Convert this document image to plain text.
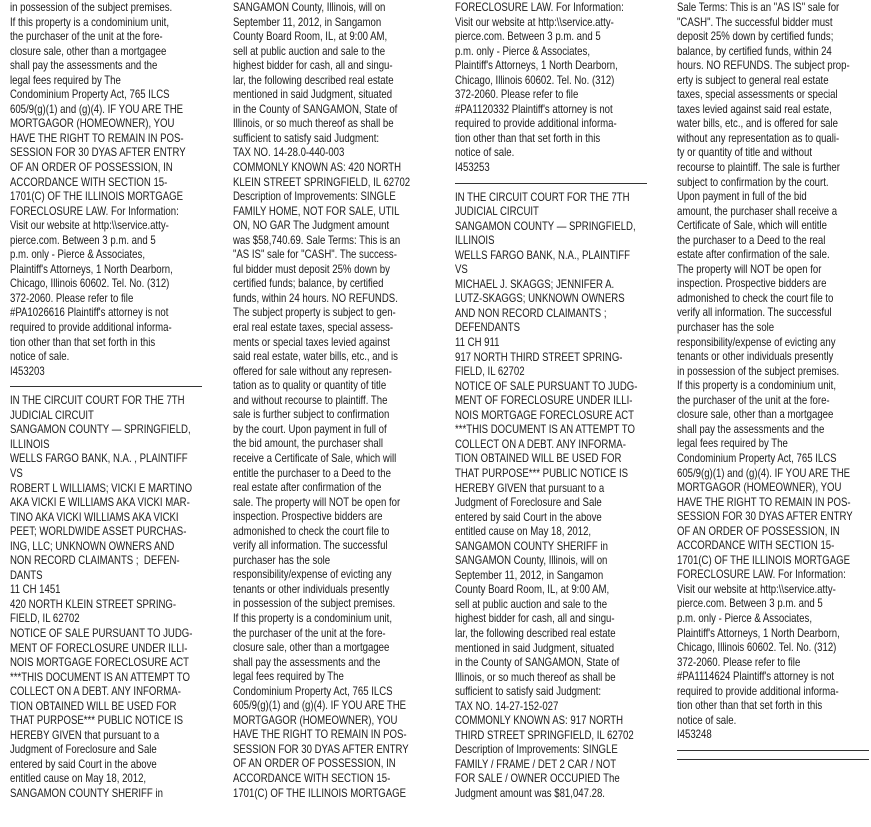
in possession of the subject premises.
If this property is a condominium unit,
the purchaser of the unit at the fore-
closure sale, other than a mortgagee
shall pay the assessments and the
legal fees required by The
Condominium Property Act, 765 ILCS
605/9(g)(1) and (g)(4). IF YOU ARE THE
MORTGAGOR (HOMEOWNER), YOU
HAVE THE RIGHT TO REMAIN IN POS-
SESSION FOR 30 DYAS AFTER ENTRY
OF AN ORDER OF POSSESSION, IN
ACCORDANCE WITH SECTION 15-
1701(C) OF THE ILLINOIS MORTGAGE
FORECLOSURE LAW. For Information:
Visit our website at http:\\service.atty-
pierce.com. Between 3 p.m. and 5
p.m. only - Pierce & Associates,
Plaintiff's Attorneys, 1 North Dearborn,
Chicago, Illinois 60602. Tel. No. (312)
372-2060. Please refer to file
#PA1026616 Plaintiff's attorney is not
required to provide additional informa-
tion other than that set forth in this
notice of sale.
I453203
IN THE CIRCUIT COURT FOR THE 7TH
JUDICIAL CIRCUIT
SANGAMON COUNTY — SPRINGFIELD,
ILLINOIS
WELLS FARGO BANK, N.A. , PLAINTIFF
VS
ROBERT L WILLIAMS; VICKI E MARTINO
AKA VICKI E WILLIAMS AKA VICKI MAR-
TINO AKA VICKI WILLIAMS AKA VICKI
PEET; WORLDWIDE ASSET PURCHAS-
ING, LLC; UNKNOWN OWNERS AND
NON RECORD CLAIMANTS ;  DEFEN-
DANTS
11 CH 1451
420 NORTH KLEIN STREET SPRING-
FIELD, IL 62702
NOTICE OF SALE PURSUANT TO JUDG-
MENT OF FORECLOSURE UNDER ILLI-
NOIS MORTGAGE FORECLOSURE ACT
***THIS DOCUMENT IS AN ATTEMPT TO
COLLECT ON A DEBT. ANY INFORMA-
TION OBTAINED WILL BE USED FOR
THAT PURPOSE*** PUBLIC NOTICE IS
HEREBY GIVEN that pursuant to a
Judgment of Foreclosure and Sale
entered by said Court in the above
entitled cause on May 18, 2012,
SANGAMON COUNTY SHERIFF in
SANGAMON County, Illinois, will on
September 11, 2012, in Sangamon
County Board Room, IL, at 9:00 AM,
sell at public auction and sale to the
highest bidder for cash, all and singu-
lar, the following described real estate
mentioned in said Judgment, situated
in the County of SANGAMON, State of
Illinois, or so much thereof as shall be
sufficient to satisfy said Judgment:
TAX NO. 14-28.0-440-003
COMMONLY KNOWN AS: 420 NORTH
KLEIN STREET SPRINGFIELD, IL 62702
Description of Improvements: SINGLE
FAMILY HOME, NOT FOR SALE, UTIL
ON, NO GAR The Judgment amount
was $58,740.69. Sale Terms: This is an
"AS IS" sale for "CASH". The success-
ful bidder must deposit 25% down by
certified funds; balance, by certified
funds, within 24 hours. NO REFUNDS.
The subject property is subject to gen-
eral real estate taxes, special assess-
ments or special taxes levied against
said real estate, water bills, etc., and is
offered for sale without any represen-
tation as to quality or quantity of title
and without recourse to plaintiff. The
sale is further subject to confirmation
by the court. Upon payment in full of
the bid amount, the purchaser shall
receive a Certificate of Sale, which will
entitle the purchaser to a Deed to the
real estate after confirmation of the
sale. The property will NOT be open for
inspection. Prospective bidders are
admonished to check the court file to
verify all information. The successful
purchaser has the sole
responsibility/expense of evicting any
tenants or other individuals presently
in possession of the subject premises.
If this property is a condominium unit,
the purchaser of the unit at the fore-
closure sale, other than a mortgagee
shall pay the assessments and the
legal fees required by The
Condominium Property Act, 765 ILCS
605/9(g)(1) and (g)(4). IF YOU ARE THE
MORTGAGOR (HOMEOWNER), YOU
HAVE THE RIGHT TO REMAIN IN POS-
SESSION FOR 30 DYAS AFTER ENTRY
OF AN ORDER OF POSSESSION, IN
ACCORDANCE WITH SECTION 15-
1701(C) OF THE ILLINOIS MORTGAGE
FORECLOSURE LAW. For Information:
Visit our website at http:\\service.atty-
pierce.com. Between 3 p.m. and 5
p.m. only - Pierce & Associates,
Plaintiff's Attorneys, 1 North Dearborn,
Chicago, Illinois 60602. Tel. No. (312)
372-2060. Please refer to file
#PA1120332 Plaintiff's attorney is not
required to provide additional informa-
tion other than that set forth in this
notice of sale.
I453253
IN THE CIRCUIT COURT FOR THE 7TH
JUDICIAL CIRCUIT
SANGAMON COUNTY — SPRINGFIELD,
ILLINOIS
WELLS FARGO BANK, N.A., PLAINTIFF
VS
MICHAEL J. SKAGGS; JENNIFER A.
LUTZ-SKAGGS; UNKNOWN OWNERS
AND NON RECORD CLAIMANTS ;
DEFENDANTS
11 CH 911
917 NORTH THIRD STREET SPRING-
FIELD, IL 62702
NOTICE OF SALE PURSUANT TO JUDG-
MENT OF FORECLOSURE UNDER ILLI-
NOIS MORTGAGE FORECLOSURE ACT
***THIS DOCUMENT IS AN ATTEMPT TO
COLLECT ON A DEBT. ANY INFORMA-
TION OBTAINED WILL BE USED FOR
THAT PURPOSE*** PUBLIC NOTICE IS
HEREBY GIVEN that pursuant to a
Judgment of Foreclosure and Sale
entered by said Court in the above
entitled cause on May 18, 2012,
SANGAMON COUNTY SHERIFF in
SANGAMON County, Illinois, will on
September 11, 2012, in Sangamon
County Board Room, IL, at 9:00 AM,
sell at public auction and sale to the
highest bidder for cash, all and singu-
lar, the following described real estate
mentioned in said Judgment, situated
in the County of SANGAMON, State of
Illinois, or so much thereof as shall be
sufficient to satisfy said Judgment:
TAX NO. 14-27-152-027
COMMONLY KNOWN AS: 917 NORTH
THIRD STREET SPRINGFIELD, IL 62702
Description of Improvements: SINGLE
FAMILY / FRAME / DET 2 CAR / NOT
FOR SALE / OWNER OCCUPIED The
Judgment amount was $81,047.28.
Sale Terms: This is an "AS IS" sale for
"CASH". The successful bidder must
deposit 25% down by certified funds;
balance, by certified funds, within 24
hours. NO REFUNDS. The subject prop-
erty is subject to general real estate
taxes, special assessments or special
taxes levied against said real estate,
water bills, etc., and is offered for sale
without any representation as to quali-
ty or quantity of title and without
recourse to plaintiff. The sale is further
subject to confirmation by the court.
Upon payment in full of the bid
amount, the purchaser shall receive a
Certificate of Sale, which will entitle
the purchaser to a Deed to the real
estate after confirmation of the sale.
The property will NOT be open for
inspection. Prospective bidders are
admonished to check the court file to
verify all information. The successful
purchaser has the sole
responsibility/expense of evicting any
tenants or other individuals presently
in possession of the subject premises.
If this property is a condominium unit,
the purchaser of the unit at the fore-
closure sale, other than a mortgagee
shall pay the assessments and the
legal fees required by The
Condominium Property Act, 765 ILCS
605/9(g)(1) and (g)(4). IF YOU ARE THE
MORTGAGOR (HOMEOWNER), YOU
HAVE THE RIGHT TO REMAIN IN POS-
SESSION FOR 30 DYAS AFTER ENTRY
OF AN ORDER OF POSSESSION, IN
ACCORDANCE WITH SECTION 15-
1701(C) OF THE ILLINOIS MORTGAGE
FORECLOSURE LAW. For Information:
Visit our website at http:\\service.atty-
pierce.com. Between 3 p.m. and 5
p.m. only - Pierce & Associates,
Plaintiff's Attorneys, 1 North Dearborn,
Chicago, Illinois 60602. Tel. No. (312)
372-2060. Please refer to file
#PA1114624 Plaintiff's attorney is not
required to provide additional informa-
tion other than that set forth in this
notice of sale.
I453248
